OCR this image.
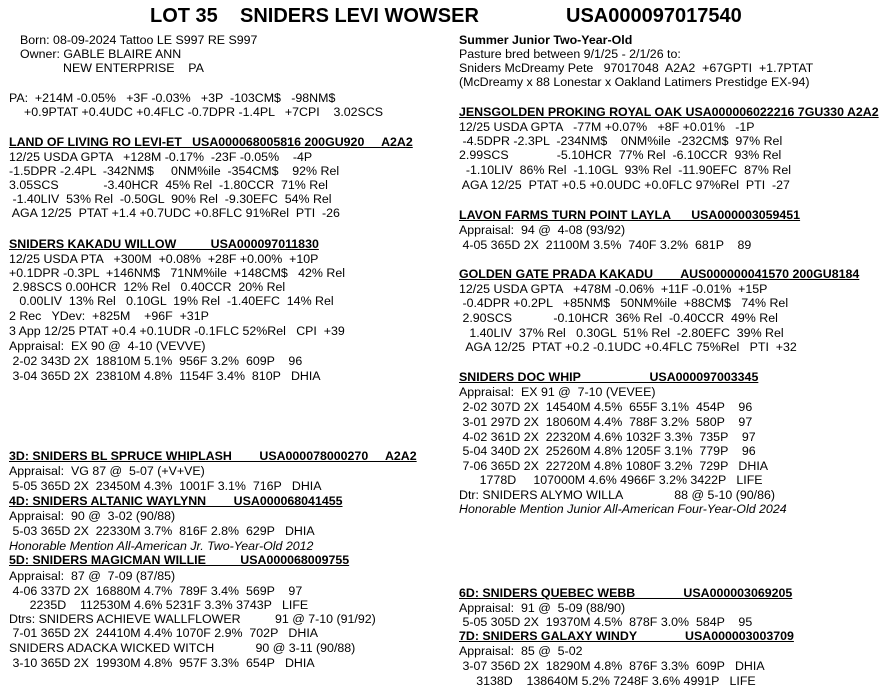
LOT 35 SNIDERS LEVI WOWSER	USA000097017540
Born: 08-09-2024 Tattoo LE S997 RE S997
Owner: GABLE BLAIRE ANN
NEW ENTERPRISE    PA
PA:  +214M -0.05%   +3F -0.03%   +3P  -103CM$   -98NM$
+0.9PTAT +0.4UDC +0.4FLC -0.7DPR -1.4PL   +7CPI    3.02SCS
LAND OF LIVING RO LEVI-ET   USA000068005816 200GU920     A2A2
12/25 USDA GPTA   +128M -0.17%  -23F -0.05%    -4P
-1.5DPR -2.4PL  -342NM$     0NM%ile  -354CM$    92% Rel
3.05SCS             -3.40HCR  45% Rel  -1.80CCR  71% Rel
-1.40LIV  53% Rel  -0.50GL  90% Rel  -9.30EFC  54% Rel
AGA 12/25  PTAT +1.4 +0.7UDC +0.8FLC 91%Rel  PTI  -26
SNIDERS KAKADU WILLOW          USA000097011830
12/25 USDA PTA   +300M  +0.08%  +28F +0.00%  +10P
+0.1DPR -0.3PL  +146NM$   71NM%ile  +148CM$   42% Rel
2.98SCS 0.00HCR  12% Rel   0.40CCR  20% Rel
0.00LIV  13% Rel   0.10GL  19% Rel  -1.40EFC  14% Rel
2 Rec   YDev:  +825M    +96F  +31P
3 App 12/25 PTAT +0.4 +0.1UDR -0.1FLC 52%Rel   CPI  +39
Appraisal:  EX 90 @  4-10 (VEVVE)
2-02 343D 2X  18810M 5.1%  956F 3.2%  609P    96
3-04 365D 2X  23810M 4.8%  1154F 3.4%  810P   DHIA
3D: SNIDERS BL SPRUCE WHIPLASH        USA000078000270     A2A2
Appraisal:  VG 87 @  5-07 (+V+VE)
5-05 365D 2X  23450M 4.3%  1001F 3.1%  716P   DHIA
4D: SNIDERS ALTANIC WAYLYNN        USA000068041455
Appraisal:  90 @  3-02 (90/88)
5-03 365D 2X  22330M 3.7%  816F 2.8%  629P   DHIA
Honorable Mention All-American Jr. Two-Year-Old 2012
5D: SNIDERS MAGICMAN WILLIE          USA000068009755
Appraisal:  87 @  7-09 (87/85)
4-06 337D 2X  16880M 4.7%  789F 3.4%  569P    97
2235D    112530M 4.6% 5231F 3.3% 3743P   LIFE
Dtrs: SNIDERS ACHIEVE WALLFLOWER          91 @ 7-10 (91/92)
7-01 365D 2X  24410M 4.4% 1070F 2.9%  702P   DHIA
SNIDERS ADACKA WICKED WITCH            90 @ 3-11 (90/88)
3-10 365D 2X  19930M 4.8%  957F 3.3%  654P   DHIA
Summer Junior Two-Year-Old
Pasture bred between 9/1/25 - 2/1/26 to:
Sniders McDreamy Pete   97017048  A2A2  +67GPTI  +1.7PTAT
(McDreamy x 88 Lonestar x Oakland Latimers Prestidge EX-94)
JENSGOLDEN PROKING ROYAL OAK USA000006022216 7GU330 A2A2
12/25 USDA GPTA   -77M +0.07%   +8F +0.01%   -1P
-4.5DPR -2.3PL  -234NM$    0NM%ile  -232CM$  97% Rel
2.99SCS              -5.10HCR  77% Rel  -6.10CCR  93% Rel
-1.10LIV  86% Rel  -1.10GL  93% Rel  -11.90EFC  87% Rel
AGA 12/25  PTAT +0.5 +0.0UDC +0.0FLC 97%Rel  PTI  -27
LAVON FARMS TURN POINT LAYLA      USA000003059451
Appraisal:  94 @  4-08 (93/92)
4-05 365D 2X  21100M 3.5%  740F 3.2%  681P    89
GOLDEN GATE PRADA KAKADU        AUS000000041570 200GU8184
12/25 USDA GPTA   +478M -0.06%  +11F -0.01%  +15P
-0.4DPR +0.2PL   +85NM$   50NM%ile  +88CM$   74% Rel
2.90SCS            -0.10HCR  36% Rel  -0.40CCR  49% Rel
1.40LIV  37% Rel   0.30GL  51% Rel  -2.80EFC  39% Rel
AGA 12/25  PTAT +0.2 -0.1UDC +0.4FLC 75%Rel   PTI  +32
SNIDERS DOC WHIP                    USA000097003345
Appraisal:  EX 91 @  7-10 (VEVEE)
2-02 307D 2X  14540M 4.5%  655F 3.1%  454P    96
3-01 297D 2X  18060M 4.4%  788F 3.2%  580P    97
4-02 361D 2X  22320M 4.6% 1032F 3.3%  735P    97
5-04 340D 2X  25260M 4.8% 1205F 3.1%  779P    96
7-06 365D 2X  22720M 4.8% 1080F 3.2%  729P   DHIA
1778D     107000M 4.6% 4966F 3.2% 3422P   LIFE
Dtr: SNIDERS ALYMO WILLA               88 @ 5-10 (90/86)
Honorable Mention Junior All-American Four-Year-Old 2024
6D: SNIDERS QUEBEC WEBB              USA000003069205
Appraisal:  91 @  5-09 (88/90)
5-05 305D 2X  19370M 4.5%  878F 3.0%  584P    95
7D: SNIDERS GALAXY WINDY              USA000003003709
Appraisal:  85 @  5-02
3-07 356D 2X  18290M 4.8%  876F 3.3%  609P   DHIA
3138D    138640M 5.2% 7248F 3.6% 4991P   LIFE
